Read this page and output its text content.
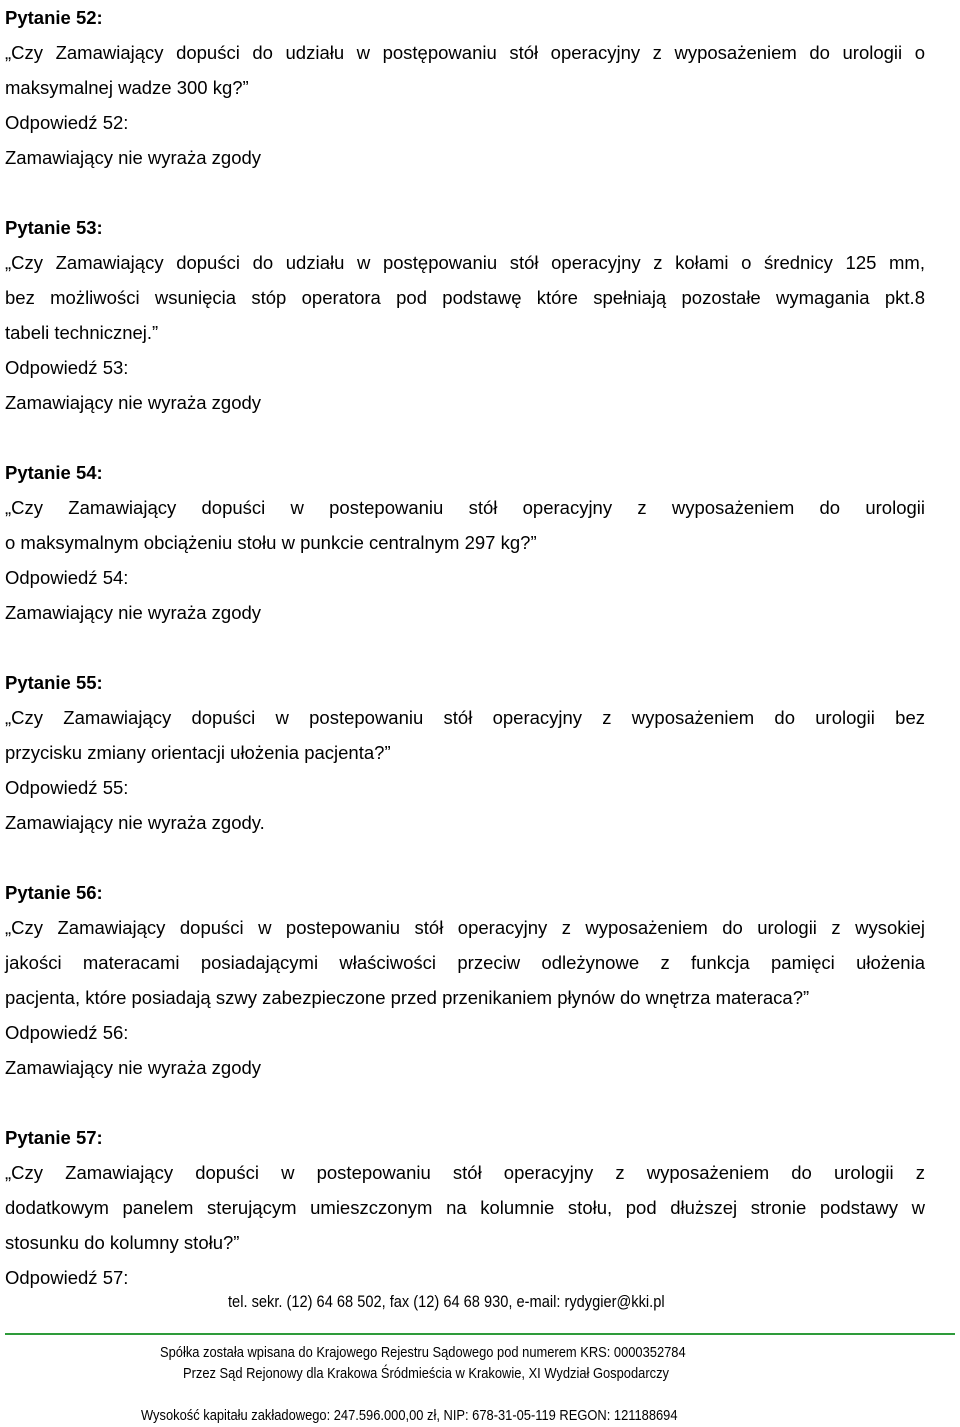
Pytanie 52:
„Czy Zamawiający dopuści do udziału w postępowaniu stół operacyjny z wyposażeniem do urologii o
maksymalnej wadze 300 kg?”
Odpowiedź 52:
Zamawiający nie wyraża zgody
Pytanie 53:
„Czy Zamawiający dopuści do udziału w postępowaniu stół operacyjny z kołami o średnicy 125 mm,
bez możliwości wsunięcia stóp operatora pod podstawę które spełniają pozostałe wymagania pkt.8
tabeli technicznej.”
Odpowiedź 53:
Zamawiający nie wyraża zgody
Pytanie 54:
„Czy Zamawiający dopuści w postepowaniu stół operacyjny z wyposażeniem do urologii
o maksymalnym obciążeniu stołu w punkcie centralnym 297 kg?”
Odpowiedź 54:
Zamawiający nie wyraża zgody
Pytanie 55:
„Czy Zamawiający dopuści w postepowaniu stół operacyjny z wyposażeniem do urologii bez
przycisku zmiany orientacji ułożenia pacjenta?”
Odpowiedź 55:
Zamawiający nie wyraża zgody.
Pytanie 56:
„Czy Zamawiający dopuści w postepowaniu stół operacyjny z wyposażeniem do urologii z wysokiej
jakości materacami posiadającymi właściwości przeciw odleżynowe z funkcja pamięci ułożenia
pacjenta, które posiadają szwy zabezpieczone przed przenikaniem płynów do wnętrza materaca?”
Odpowiedź 56:
Zamawiający nie wyraża zgody
Pytanie 57:
„Czy Zamawiający dopuści w postepowaniu stół operacyjny z wyposażeniem do urologii z
dodatkowym panelem sterującym umieszczonym na kolumnie stołu, pod dłuższej stronie podstawy w
stosunku do kolumny stołu?”
Odpowiedź 57:
tel. sekr. (12) 64 68 502, fax (12) 64 68 930, e-mail: rydygier@kki.pl
Spółka została wpisana do Krajowego Rejestru Sądowego pod numerem KRS: 0000352784
Przez Sąd Rejonowy dla Krakowa Śródmieścia w Krakowie, XI Wydział Gospodarczy
Wysokość kapitału zakładowego: 247.596.000,00 zł, NIP: 678-31-05-119 REGON: 121188694
